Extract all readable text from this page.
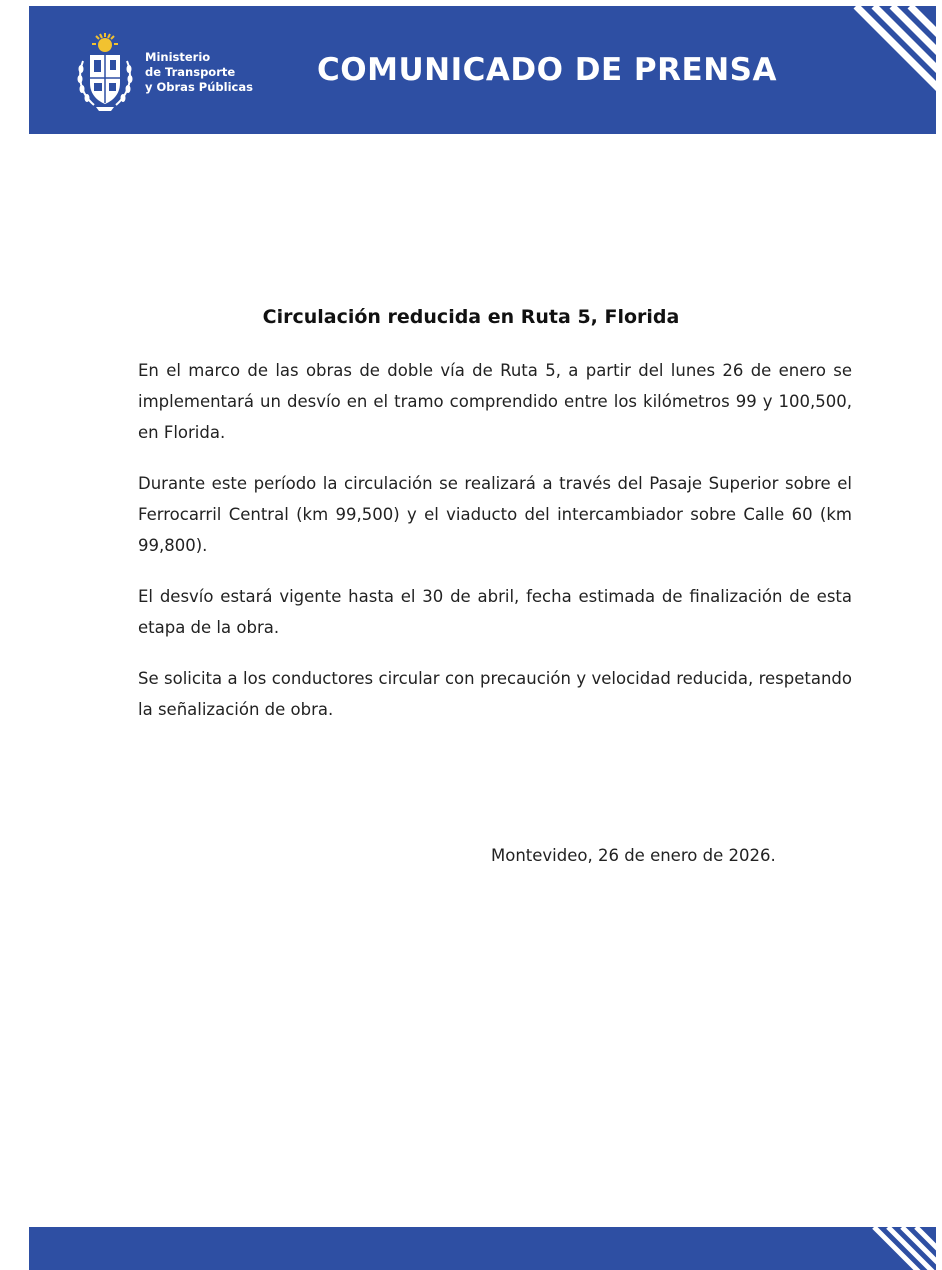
Ministerio
de Transporte
y Obras Públicas COMUNICADO DE PRENSA
Circulación reducida en Ruta 5, Florida

En el marco de las obras de doble vía de Ruta 5, a partir del lunes 26 de enero se implementará un desvío en el tramo comprendido entre los kilómetros 99 y 100,500, en Florida.

Durante este período la circulación se realizará a través del Pasaje Superior sobre el Ferrocarril Central (km 99,500) y el viaducto del intercambiador sobre Calle 60 (km 99,800).

El desvío estará vigente hasta el 30 de abril, fecha estimada de finalización de esta etapa de la obra.

Se solicita a los conductores circular con precaución y velocidad reducida, respetando la señalización de obra.

Montevideo, 26 de enero de 2026.
